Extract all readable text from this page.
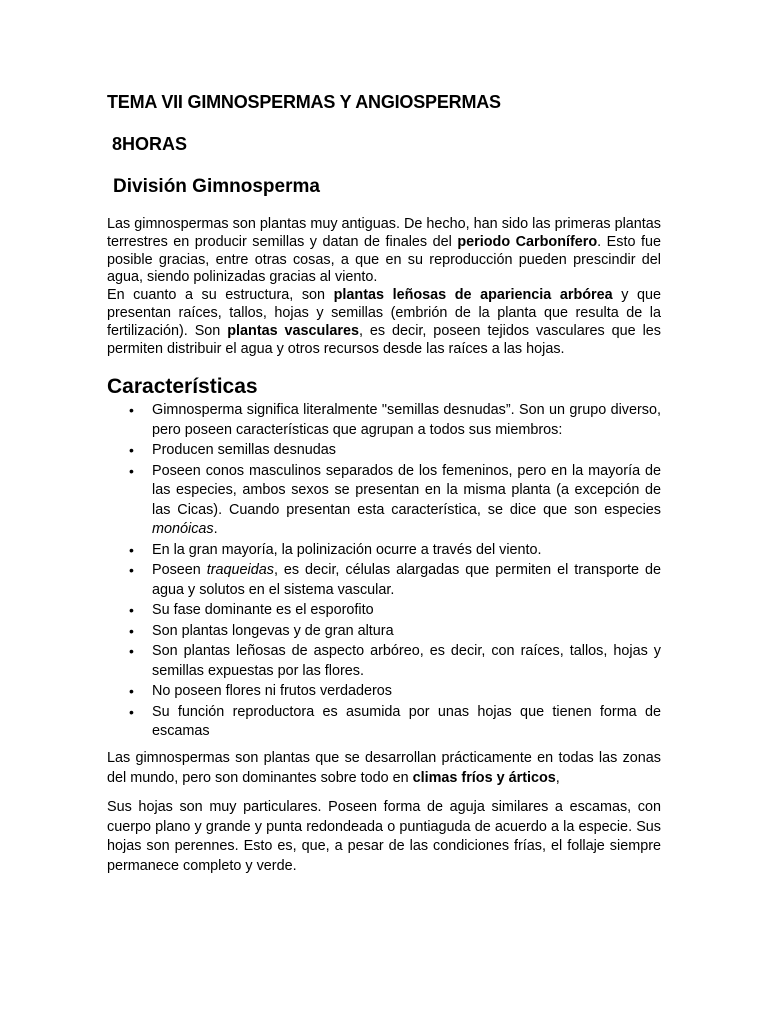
TEMA VII GIMNOSPERMAS Y ANGIOSPERMAS
8HORAS
División Gimnosperma

Las gimnospermas son plantas muy antiguas. De hecho, han sido las primeras plantas terrestres en producir semillas y datan de finales del periodo Carbonífero. Esto fue posible gracias, entre otras cosas, a que en su reproducción pueden prescindir del agua, siendo polinizadas gracias al viento.

En cuanto a su estructura, son plantas leñosas de apariencia arbórea y que presentan raíces, tallos, hojas y semillas (embrión de la planta que resulta de la fertilización). Son plantas vasculares, es decir, poseen tejidos vasculares que les permiten distribuir el agua y otros recursos desde las raíces a las hojas.

Características
• Gimnosperma significa literalmente "semillas desnudas”. Son un grupo diverso, pero poseen características que agrupan a todos sus miembros:
• Producen semillas desnudas
• Poseen conos masculinos separados de los femeninos, pero en la mayoría de las especies, ambos sexos se presentan en la misma planta (a excepción de las Cicas). Cuando presentan esta característica, se dice que son especies monóicas.
• En la gran mayoría, la polinización ocurre a través del viento.
• Poseen traqueidas, es decir, células alargadas que permiten el transporte de agua y solutos en el sistema vascular.
• Su fase dominante es el esporofito
• Son plantas longevas y de gran altura
• Son plantas leñosas de aspecto arbóreo, es decir, con raíces, tallos, hojas y semillas expuestas por las flores.
• No poseen flores ni frutos verdaderos
• Su función reproductora es asumida por unas hojas que tienen forma de escamas

Las gimnospermas son plantas que se desarrollan prácticamente en todas las zonas del mundo, pero son dominantes sobre todo en climas fríos y árticos,

Sus hojas son muy particulares. Poseen forma de aguja similares a escamas, con cuerpo plano y grande y punta redondeada o puntiaguda de acuerdo a la especie. Sus hojas son perennes. Esto es, que, a pesar de las condiciones frías, el follaje siempre permanece completo y verde.
